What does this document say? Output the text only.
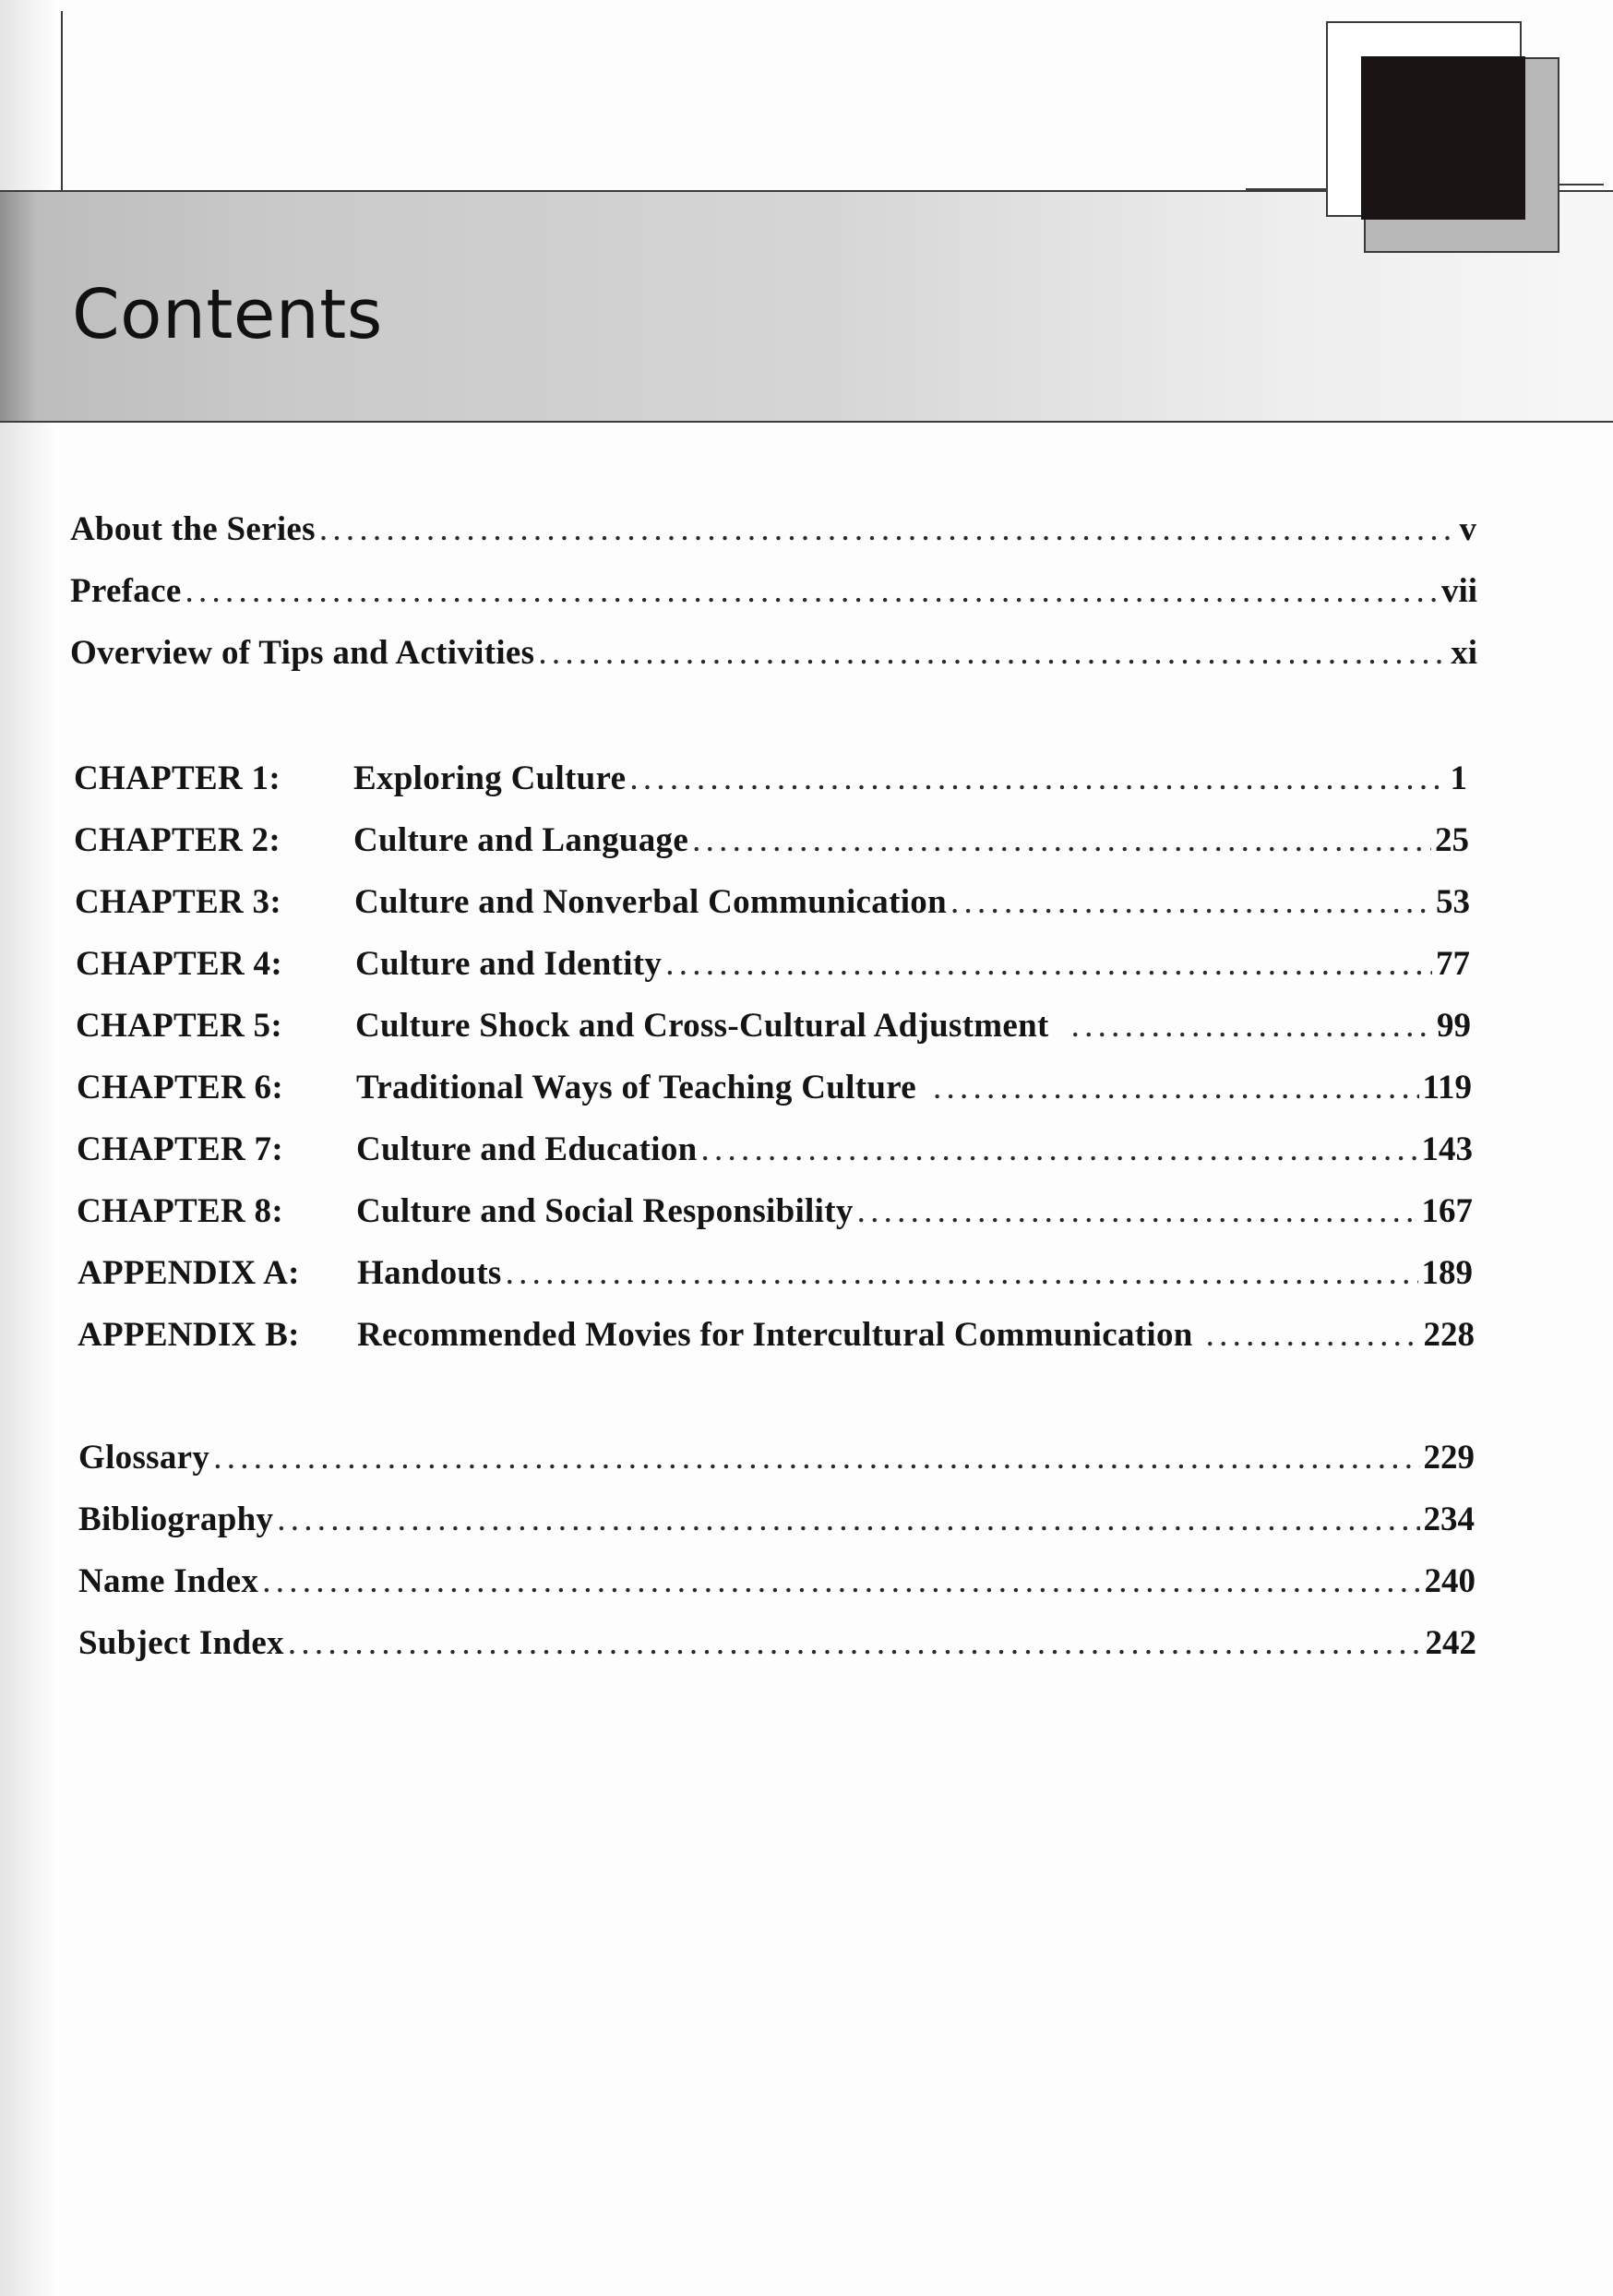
Contents
About the Series . . .	v
Preface . . .	vii
Overview of Tips and Activities . . .	xi
CHAPTER 1:	Exploring Culture . . .	1
CHAPTER 2:	Culture and Language . . .	25
CHAPTER 3:	Culture and Nonverbal Communication . . .	53
CHAPTER 4:	Culture and Identity . . .	77
CHAPTER 5:	Culture Shock and Cross-Cultural Adjustment . . .	99
CHAPTER 6:	Traditional Ways of Teaching Culture . . .	119
CHAPTER 7:	Culture and Education . . .	143
CHAPTER 8:	Culture and Social Responsibility . . .	167
APPENDIX A:	Handouts . . .	189
APPENDIX B:	Recommended Movies for Intercultural Communication . . .	228
Glossary . . .	229
Bibliography . . .	234
Name Index . . .	240
Subject Index . . .	242
